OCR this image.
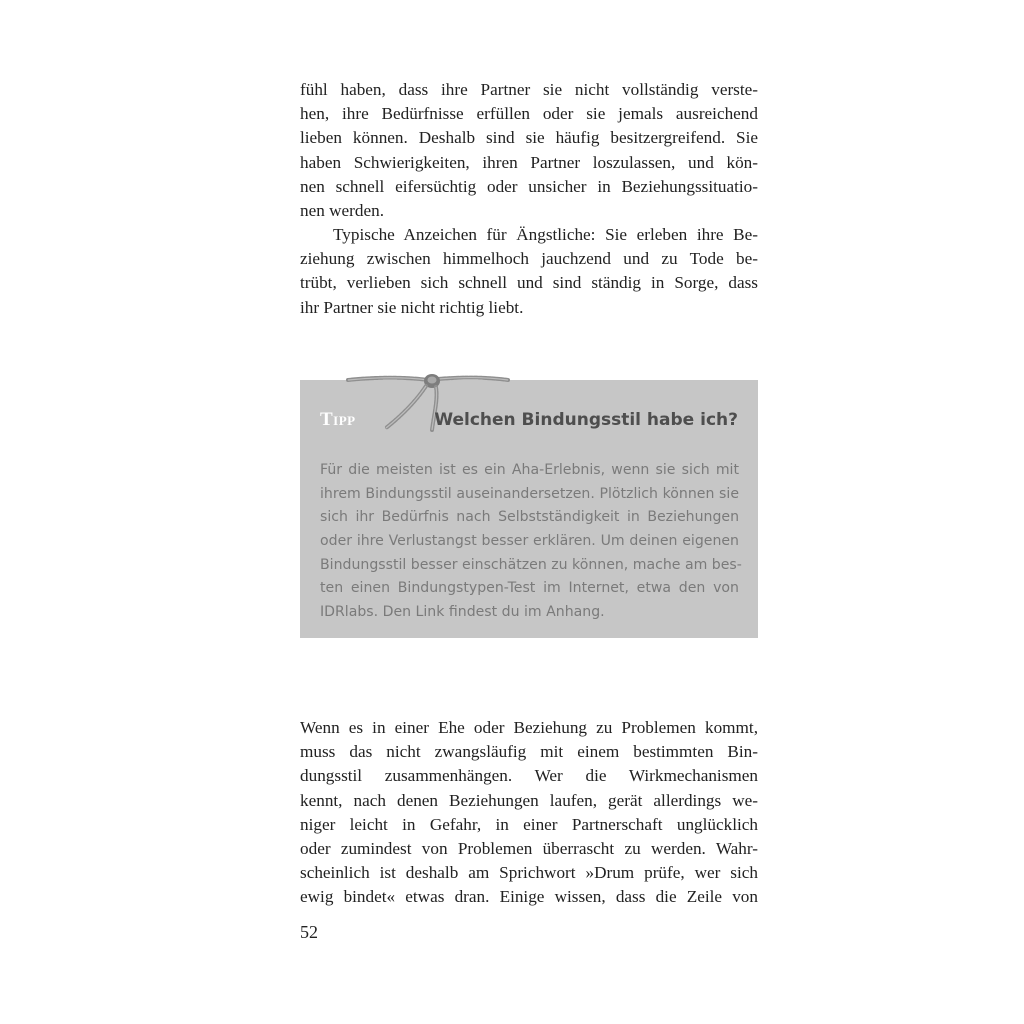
fühl haben, dass ihre Partner sie nicht vollständig verste-
hen, ihre Bedürfnisse erfüllen oder sie jemals ausreichend
lieben können. Deshalb sind sie häufig besitzergreifend. Sie
haben Schwierigkeiten, ihren Partner loszulassen, und kön-
nen schnell eifersüchtig oder unsicher in Beziehungssituatio-
nen werden.
Typische Anzeichen für Ängstliche: Sie erleben ihre Be-
ziehung zwischen himmelhoch jauchzend und zu Tode be-
trübt, verlieben sich schnell und sind ständig in Sorge, dass
ihr Partner sie nicht richtig liebt.
Tipp	Welchen Bindungsstil habe ich?
Für die meisten ist es ein Aha-Erlebnis, wenn sie sich mit
ihrem Bindungsstil auseinandersetzen. Plötzlich können sie
sich ihr Bedürfnis nach Selbstständigkeit in Beziehungen
oder ihre Verlustangst besser erklären. Um deinen eigenen
Bindungsstil besser einschätzen zu können, mache am bes-
ten einen Bindungstypen-Test im Internet, etwa den von
IDRlabs. Den Link findest du im Anhang.
Wenn es in einer Ehe oder Beziehung zu Problemen kommt,
muss das nicht zwangsläufig mit einem bestimmten Bin-
dungsstil zusammenhängen. Wer die Wirkmechanismen
kennt, nach denen Beziehungen laufen, gerät allerdings we-
niger leicht in Gefahr, in einer Partnerschaft unglücklich
oder zumindest von Problemen überrascht zu werden. Wahr-
scheinlich ist deshalb am Sprichwort »Drum prüfe, wer sich
ewig bindet« etwas dran. Einige wissen, dass die Zeile von
52
